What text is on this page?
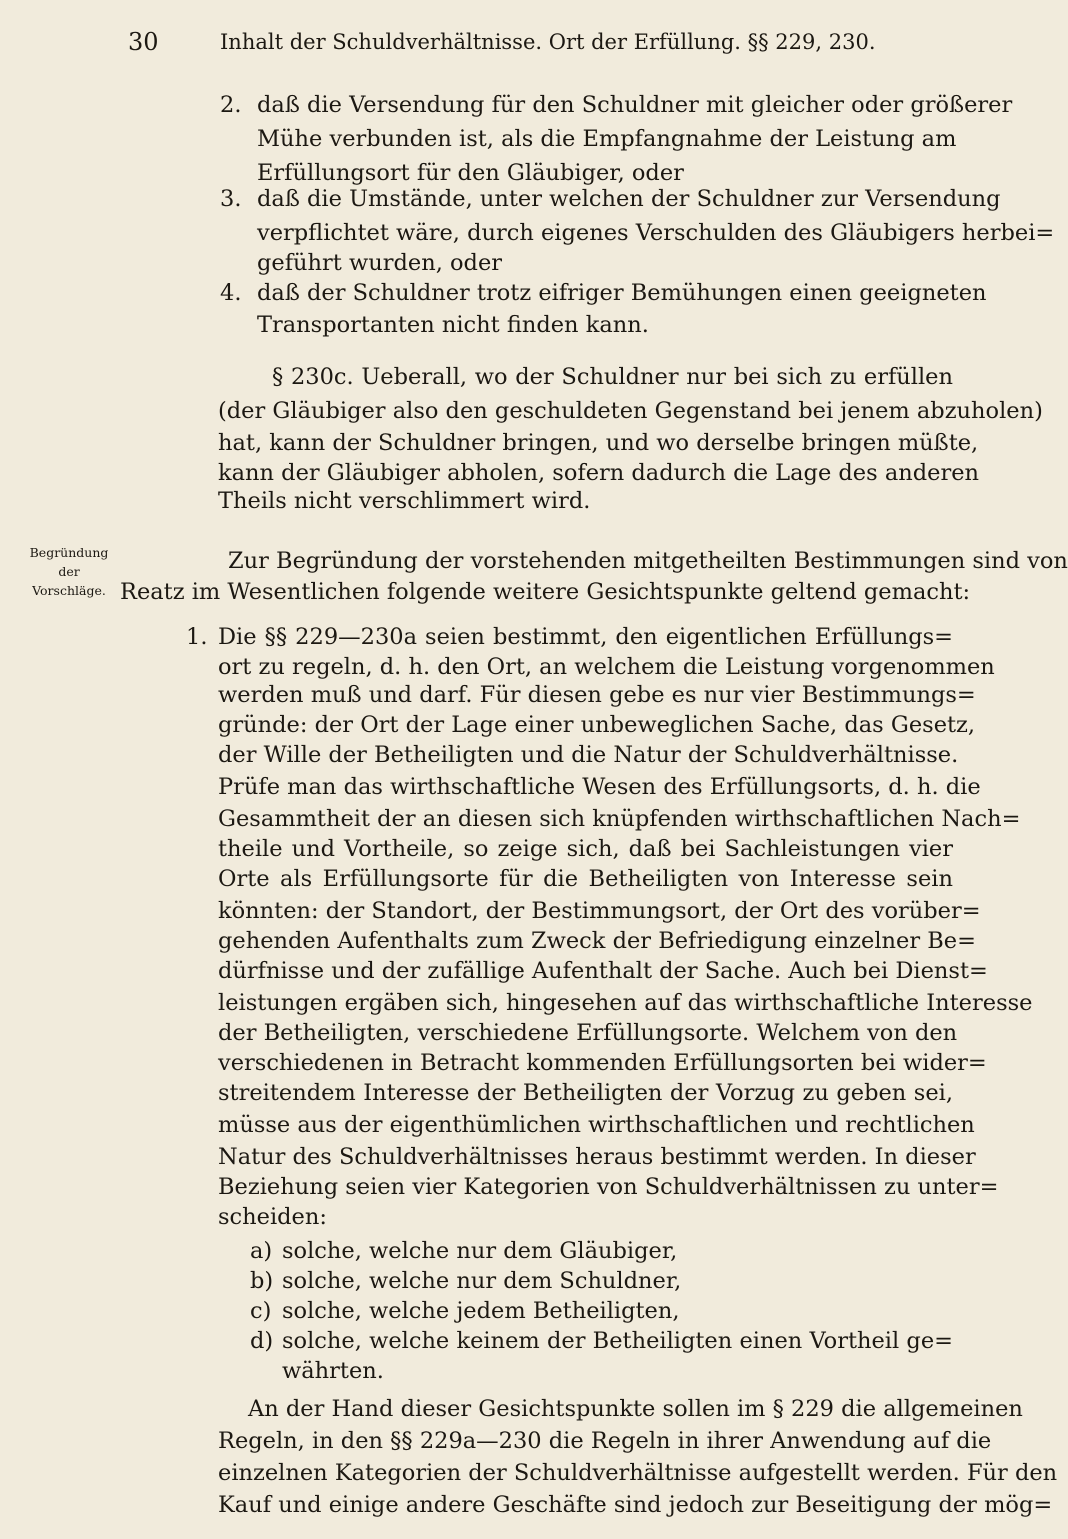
30	Inhalt der Schuldverhältnisse. Ort der Erfüllung. §§ 229, 230.
2. daß die Versendung für den Schuldner mit gleicher oder größerer
Mühe verbunden ist, als die Empfangnahme der Leistung am
Erfüllungsort für den Gläubiger, oder
3. daß die Umstände, unter welchen der Schuldner zur Versendung
verpflichtet wäre, durch eigenes Verschulden des Gläubigers herbei=
geführt wurden, oder
4. daß der Schuldner trotz eifriger Bemühungen einen geeigneten
Transportanten nicht finden kann.
§ 230c. Ueberall, wo der Schuldner nur bei sich zu erfüllen
(der Gläubiger also den geschuldeten Gegenstand bei jenem abzuholen)
hat, kann der Schuldner bringen, und wo derselbe bringen müßte,
kann der Gläubiger abholen, sofern dadurch die Lage des anderen
Theils nicht verschlimmert wird.
Begründung
der
Vorschläge.
Zur Begründung der vorstehenden mitgetheilten Bestimmungen sind von
Reatz im Wesentlichen folgende weitere Gesichtspunkte geltend gemacht:
1. Die §§ 229—230a seien bestimmt, den eigentlichen Erfüllungs=
ort zu regeln, d. h. den Ort, an welchem die Leistung vorgenommen
werden muß und darf. Für diesen gebe es nur vier Bestimmungs=
gründe: der Ort der Lage einer unbeweglichen Sache, das Gesetz,
der Wille der Betheiligten und die Natur der Schuldverhältnisse.
Prüfe man das wirthschaftliche Wesen des Erfüllungsorts, d. h. die
Gesammtheit der an diesen sich knüpfenden wirthschaftlichen Nach=
theile und Vortheile, so zeige sich, daß bei Sachleistungen vier
Orte als Erfüllungsorte für die Betheiligten von Interesse sein
könnten: der Standort, der Bestimmungsort, der Ort des vorüber=
gehenden Aufenthalts zum Zweck der Befriedigung einzelner Be=
dürfnisse und der zufällige Aufenthalt der Sache. Auch bei Dienst=
leistungen ergäben sich, hingesehen auf das wirthschaftliche Interesse
der Betheiligten, verschiedene Erfüllungsorte. Welchem von den
verschiedenen in Betracht kommenden Erfüllungsorten bei wider=
streitendem Interesse der Betheiligten der Vorzug zu geben sei,
müsse aus der eigenthümlichen wirthschaftlichen und rechtlichen
Natur des Schuldverhältnisses heraus bestimmt werden. In dieser
Beziehung seien vier Kategorien von Schuldverhältnissen zu unter=
scheiden:
a) solche, welche nur dem Gläubiger,
b) solche, welche nur dem Schuldner,
c) solche, welche jedem Betheiligten,
d) solche, welche keinem der Betheiligten einen Vortheil ge=
währten.
An der Hand dieser Gesichtspunkte sollen im § 229 die allgemeinen
Regeln, in den §§ 229a—230 die Regeln in ihrer Anwendung auf die
einzelnen Kategorien der Schuldverhältnisse aufgestellt werden. Für den
Kauf und einige andere Geschäfte sind jedoch zur Beseitigung der mög=
